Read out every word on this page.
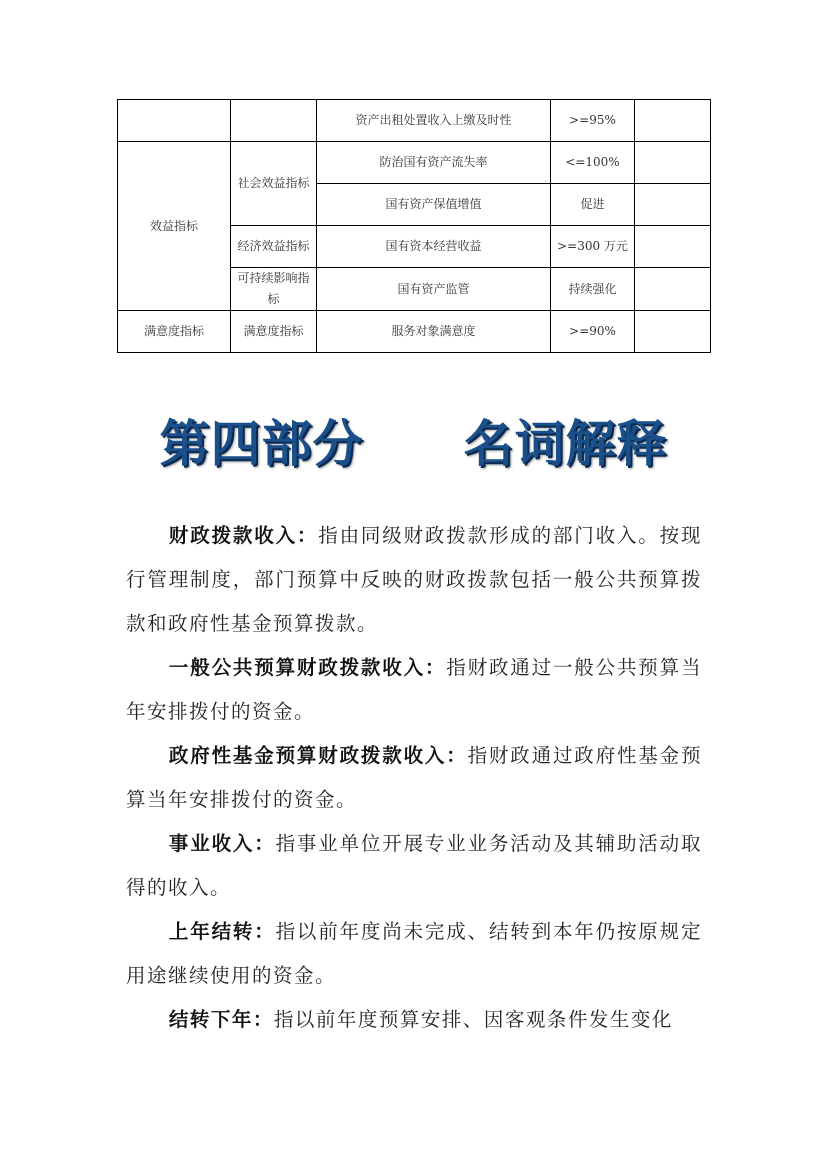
		资产出租处置收入上缴及时性	>=95%	
效益指标	社会效益指标	防治国有资产流失率	<=100%	
		国有资产保值增值	促进	
	经济效益指标	国有资本经营收益	>=300 万元	
	可持续影响指标	国有资产监管	持续强化	
满意度指标	满意度指标	服务对象满意度	>=90%	
第四部分 名词解释

财政拨款收入：指由同级财政拨款形成的部门收入。按现行管理制度，部门预算中反映的财政拨款包括一般公共预算拨款和政府性基金预算拨款。

一般公共预算财政拨款收入：指财政通过一般公共预算当年安排拨付的资金。

政府性基金预算财政拨款收入：指财政通过政府性基金预算当年安排拨付的资金。

事业收入：指事业单位开展专业业务活动及其辅助活动取得的收入。

上年结转：指以前年度尚未完成、结转到本年仍按原规定用途继续使用的资金。

结转下年：指以前年度预算安排、因客观条件发生变化
